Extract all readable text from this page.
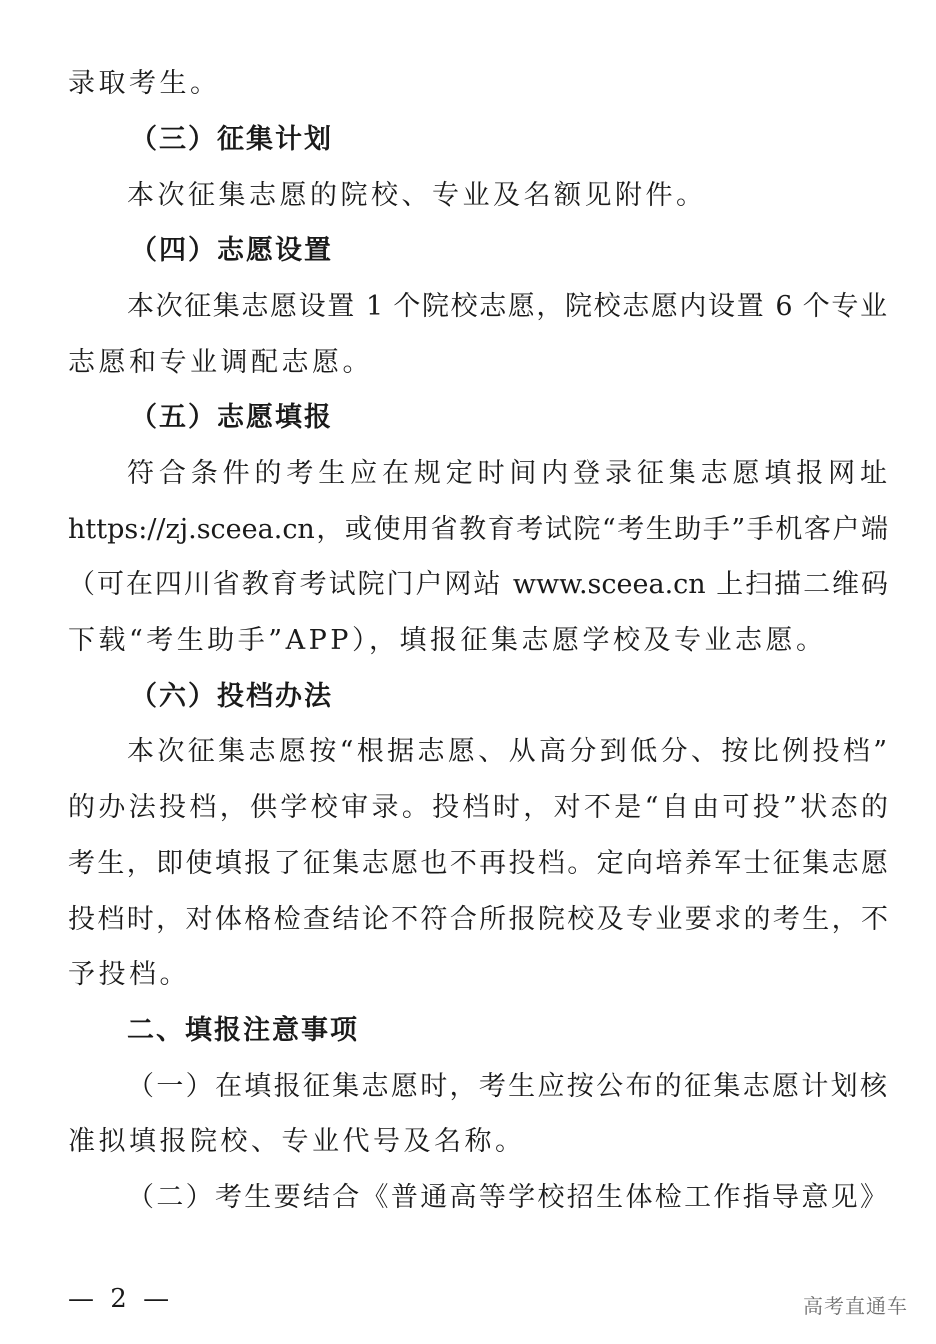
录取考生。
（三）征集计划
本次征集志愿的院校、专业及名额见附件。
（四）志愿设置
本次征集志愿设置 1 个院校志愿，院校志愿内设置 6 个专业
志愿和专业调配志愿。
（五）志愿填报
符合条件的考生应在规定时间内登录征集志愿填报网址
https://zj.sceea.cn，或使用省教育考试院“考生助手”手机客户端
（可在四川省教育考试院门户网站 www.sceea.cn 上扫描二维码
下载“考生助手”APP），填报征集志愿学校及专业志愿。
（六）投档办法
本次征集志愿按“根据志愿、从高分到低分、按比例投档”
的办法投档，供学校审录。投档时，对不是“自由可投”状态的
考生，即使填报了征集志愿也不再投档。定向培养军士征集志愿
投档时，对体格检查结论不符合所报院校及专业要求的考生，不
予投档。
二、填报注意事项
（一）在填报征集志愿时，考生应按公布的征集志愿计划核
准拟填报院校、专业代号及名称。
（二）考生要结合《普通高等学校招生体检工作指导意见》
— 2 —	高考直通车
